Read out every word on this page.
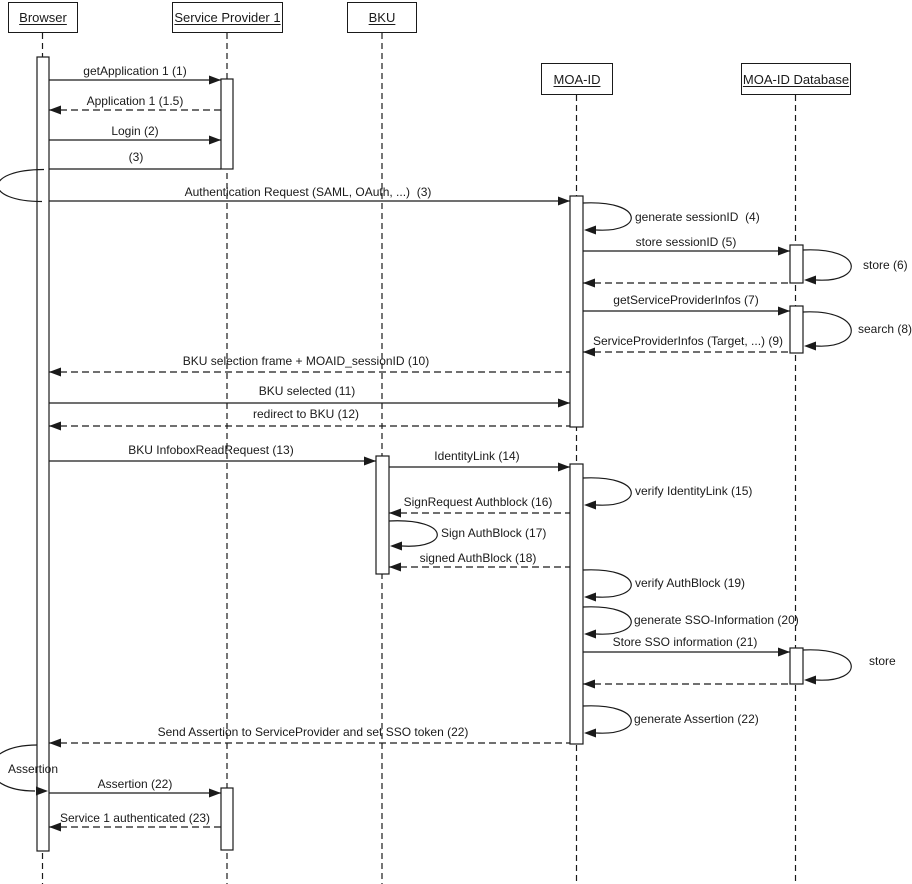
getApplication 1 (1)
Application 1 (1.5)
Login (2)
(3)
Authentication Request (SAML, OAuth, ...)  (3)
store sessionID (5)
getServiceProviderInfos (7)
ServiceProviderInfos (Target, ...) (9)
BKU selection frame + MOAID_sessionID (10)
BKU selected (11)
redirect to BKU (12)
BKU InfoboxReadRequest (13)	IdentityLink (14)
SignRequest Authblock (16)
signed AuthBlock (18)
Store SSO information (21)
Send Assertion to ServiceProvider and set SSO token (22)
Assertion (22)
Service 1 authenticated (23)
generate sessionID  (4)
store (6)
search (8)
verify IdentityLink (15)
Sign AuthBlock (17)
verify AuthBlock (19)
generate SSO-Information (20)
store
generate Assertion (22)
Assertion
Browser	Service Provider 1	BKU
MOA-ID	MOA-ID Database
